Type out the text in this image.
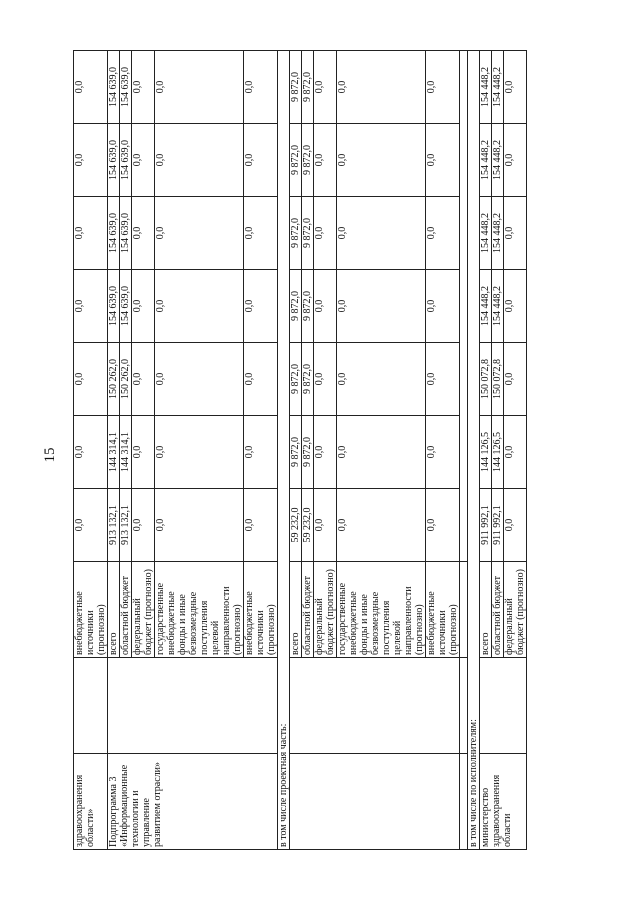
15
здравоохранения области»		внебюджетные источники (прогнозно)	0,0	0,0	0,0	0,0	0,0	0,0	0,0
Подпрограмма 3 «Информационные технологии и управление развитием отрасли»		всего	913 132,1	144 314,1	150 262,0	154 639,0	154 639,0	154 639,0	154 639,0
		областной бюджет	913 132,1	144 314,1	150 262,0	154 639,0	154 639,0	154 639,0	154 639,0
		федеральный бюджет (прогнозно)	0,0	0,0	0,0	0,0	0,0	0,0	0,0
		государственные внебюджетные фонды и иные безвозмездные поступления целевой направленности (прогнозно)	0,0	0,0	0,0	0,0	0,0	0,0	0,0
		внебюджетные источники (прогнозно)	0,0	0,0	0,0	0,0	0,0	0,0	0,0
в том числе проектная часть:									
		всего	59 232,0	9 872,0	9 872,0	9 872,0	9 872,0	9 872,0	9 872,0
		областной бюджет	59 232,0	9 872,0	9 872,0	9 872,0	9 872,0	9 872,0	9 872,0
		федеральный бюджет (прогнозно)	0,0	0,0	0,0	0,0	0,0	0,0	0,0
		государственные внебюджетные фонды и иные безвозмездные поступления целевой направленности (прогнозно)	0,0	0,0	0,0	0,0	0,0	0,0	0,0
		внебюджетные источники (прогнозно)	0,0	0,0	0,0	0,0	0,0	0,0	0,0

в том числе по исполнителям:									
министерство здравоохранения области		всего	911 992,1	144 126,5	150 072,8	154 448,2	154 448,2	154 448,2	154 448,2
		областной бюджет	911 992,1	144 126,5	150 072,8	154 448,2	154 448,2	154 448,2	154 448,2
		федеральный бюджет (прогнозно)	0,0	0,0	0,0	0,0	0,0	0,0	0,0
